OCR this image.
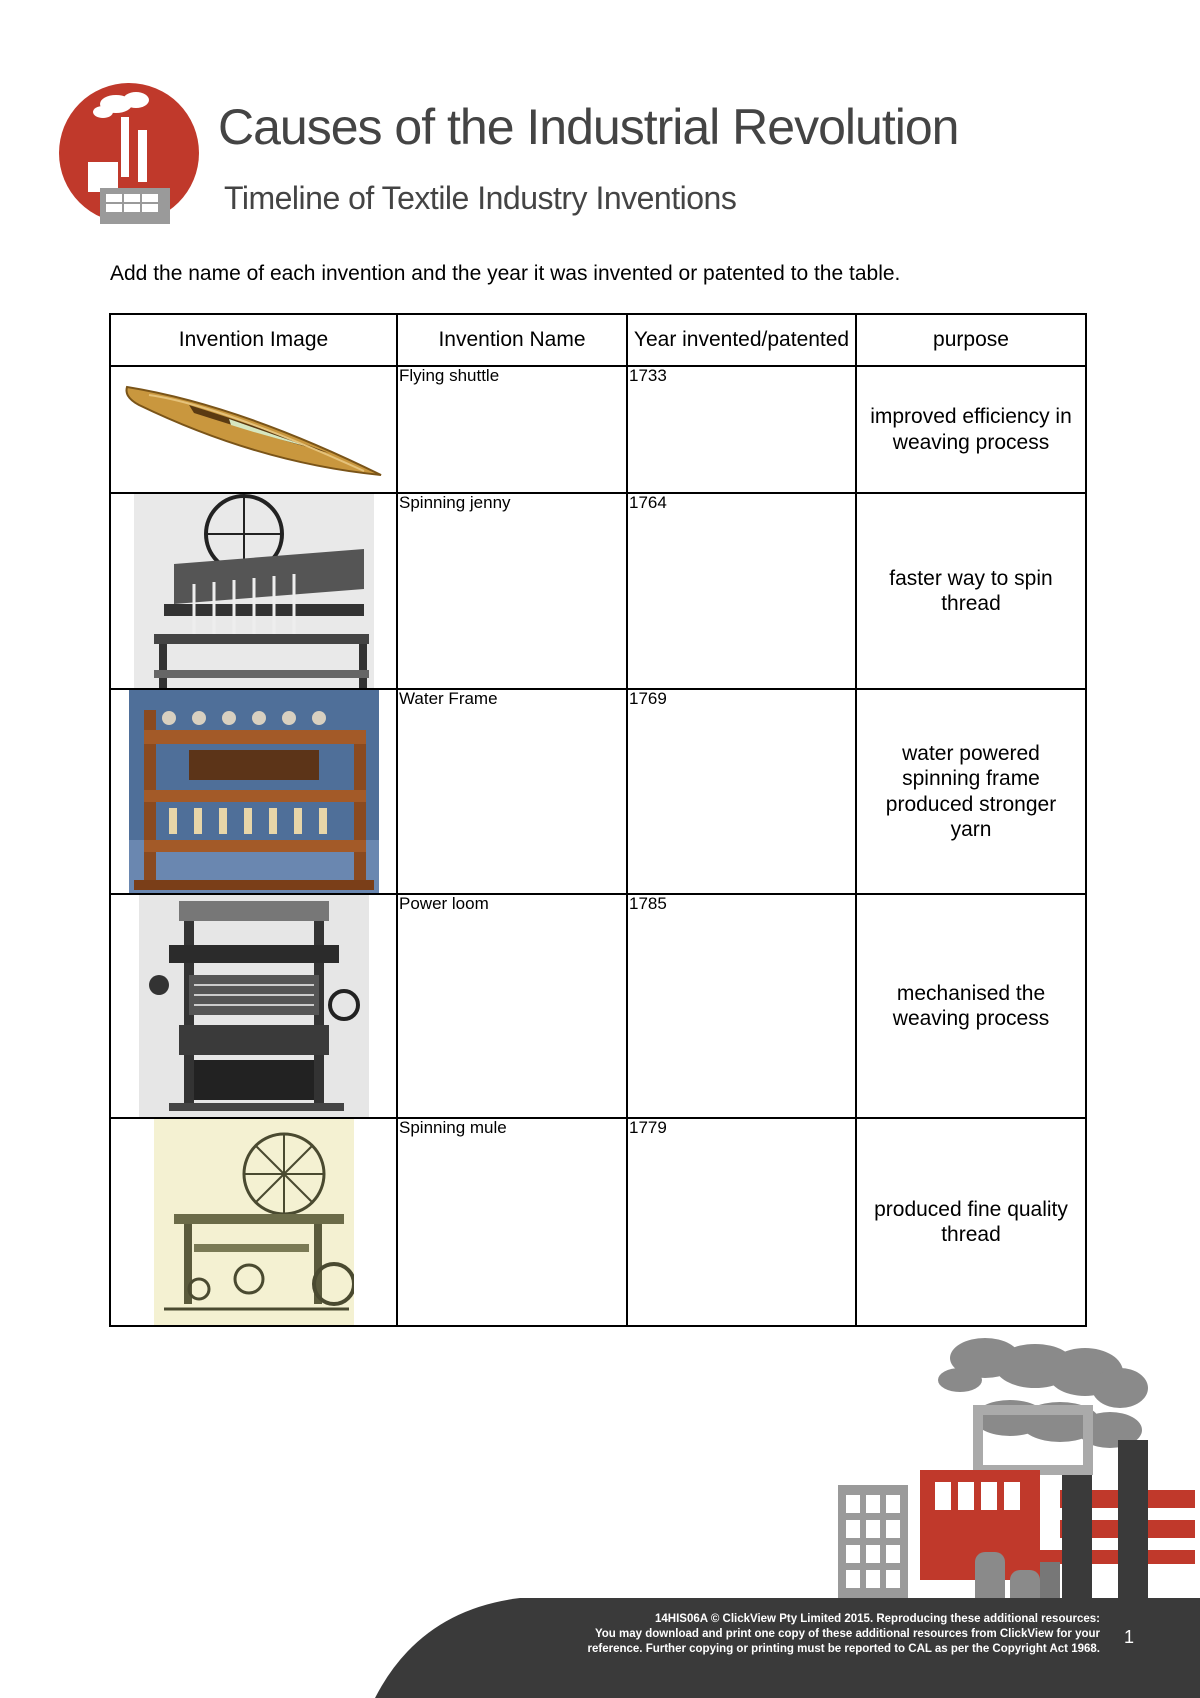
Causes of the Industrial Revolution
Timeline of Textile Industry Inventions
Add the name of each invention and the year it was invented or patented to the table.
Invention Image	Invention Name	Year invented/patented	purpose

	Flying shuttle	1733	improved efficiency in weaving process

	Spinning jenny	1764	faster way to spin thread

	Water Frame	1769	water powered spinning frame produced stronger yarn

	Power loom	1785	mechanised the weaving process

	Spinning mule	1779	produced fine quality thread
14HIS06A © ClickView Pty Limited 2015. Reproducing these additional resources:
You may download and print one copy of these additional resources from ClickView for your
reference. Further copying or printing must be reported to CAL as per the Copyright Act 1968.
1
